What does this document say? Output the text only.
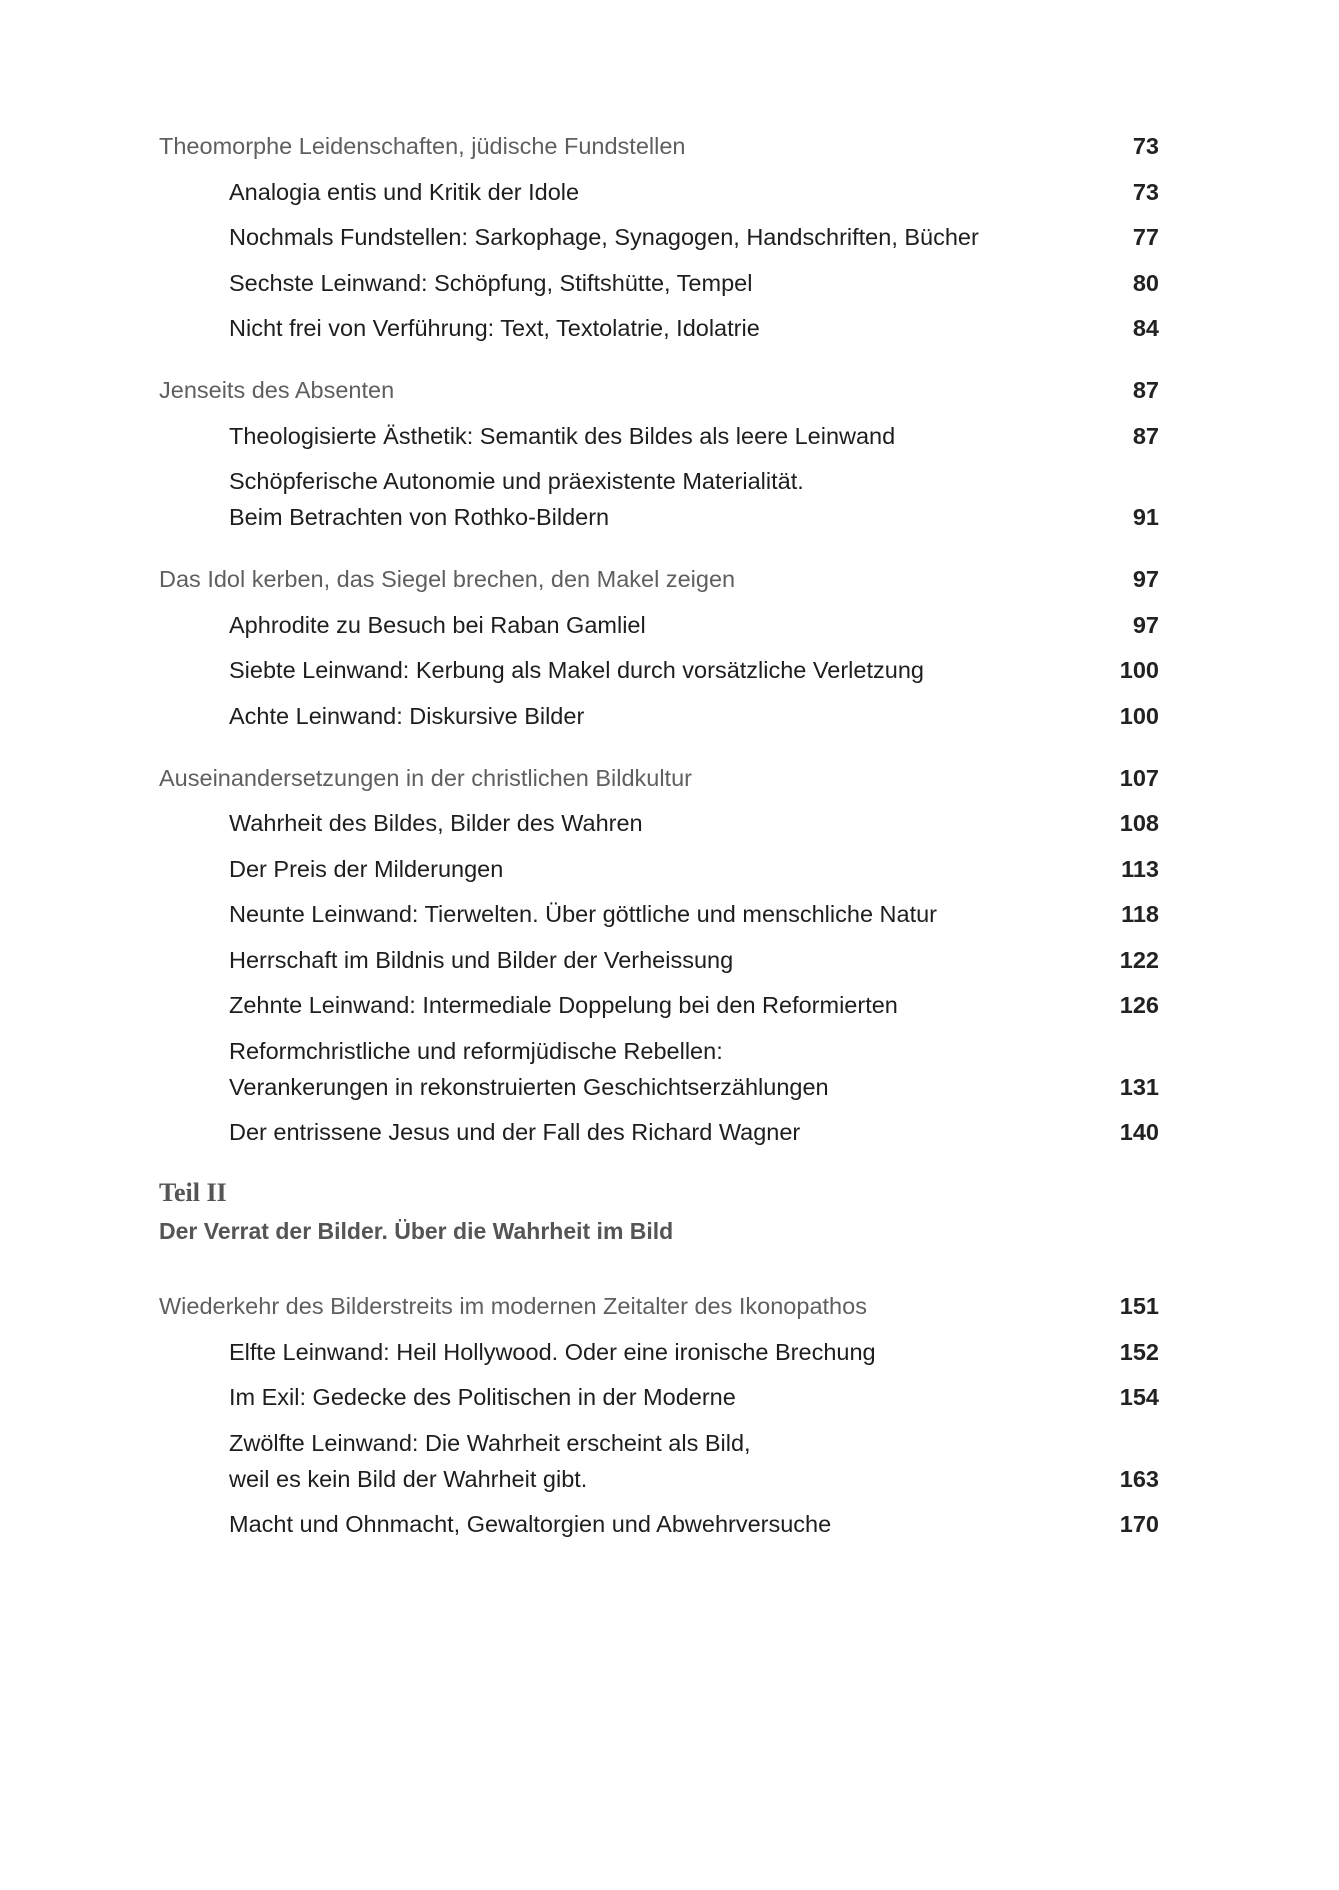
Theomorphe Leidenschaften, jüdische Fundstellen	73
Analogia entis und Kritik der Idole	73
Nochmals Fundstellen: Sarkophage, Synagogen, Handschriften, Bücher	77
Sechste Leinwand: Schöpfung, Stiftshütte, Tempel	80
Nicht frei von Verführung: Text, Textolatrie, Idolatrie	84
Jenseits des Absenten	87
Theologisierte Ästhetik: Semantik des Bildes als leere Leinwand	87
Schöpferische Autonomie und präexistente Materialität.
Beim Betrachten von Rothko-Bildern	91
Das Idol kerben, das Siegel brechen, den Makel zeigen	97
Aphrodite zu Besuch bei Raban Gamliel	97
Siebte Leinwand: Kerbung als Makel durch vorsätzliche Verletzung	100
Achte Leinwand: Diskursive Bilder	100
Auseinandersetzungen in der christlichen Bildkultur	107
Wahrheit des Bildes, Bilder des Wahren	108
Der Preis der Milderungen	113
Neunte Leinwand: Tierwelten. Über göttliche und menschliche Natur	118
Herrschaft im Bildnis und Bilder der Verheissung	122
Zehnte Leinwand: Intermediale Doppelung bei den Reformierten	126
Reformchristliche und reformjüdische Rebellen:
Verankerungen in rekonstruierten Geschichtserzählungen	131
Der entrissene Jesus und der Fall des Richard Wagner	140
Teil II
Der Verrat der Bilder. Über die Wahrheit im Bild
Wiederkehr des Bilderstreits im modernen Zeitalter des Ikonopathos	151
Elfte Leinwand: Heil Hollywood. Oder eine ironische Brechung	152
Im Exil: Gedecke des Politischen in der Moderne	154
Zwölfte Leinwand: Die Wahrheit erscheint als Bild,
weil es kein Bild der Wahrheit gibt.	163
Macht und Ohnmacht, Gewaltorgien und Abwehrversuche	170
